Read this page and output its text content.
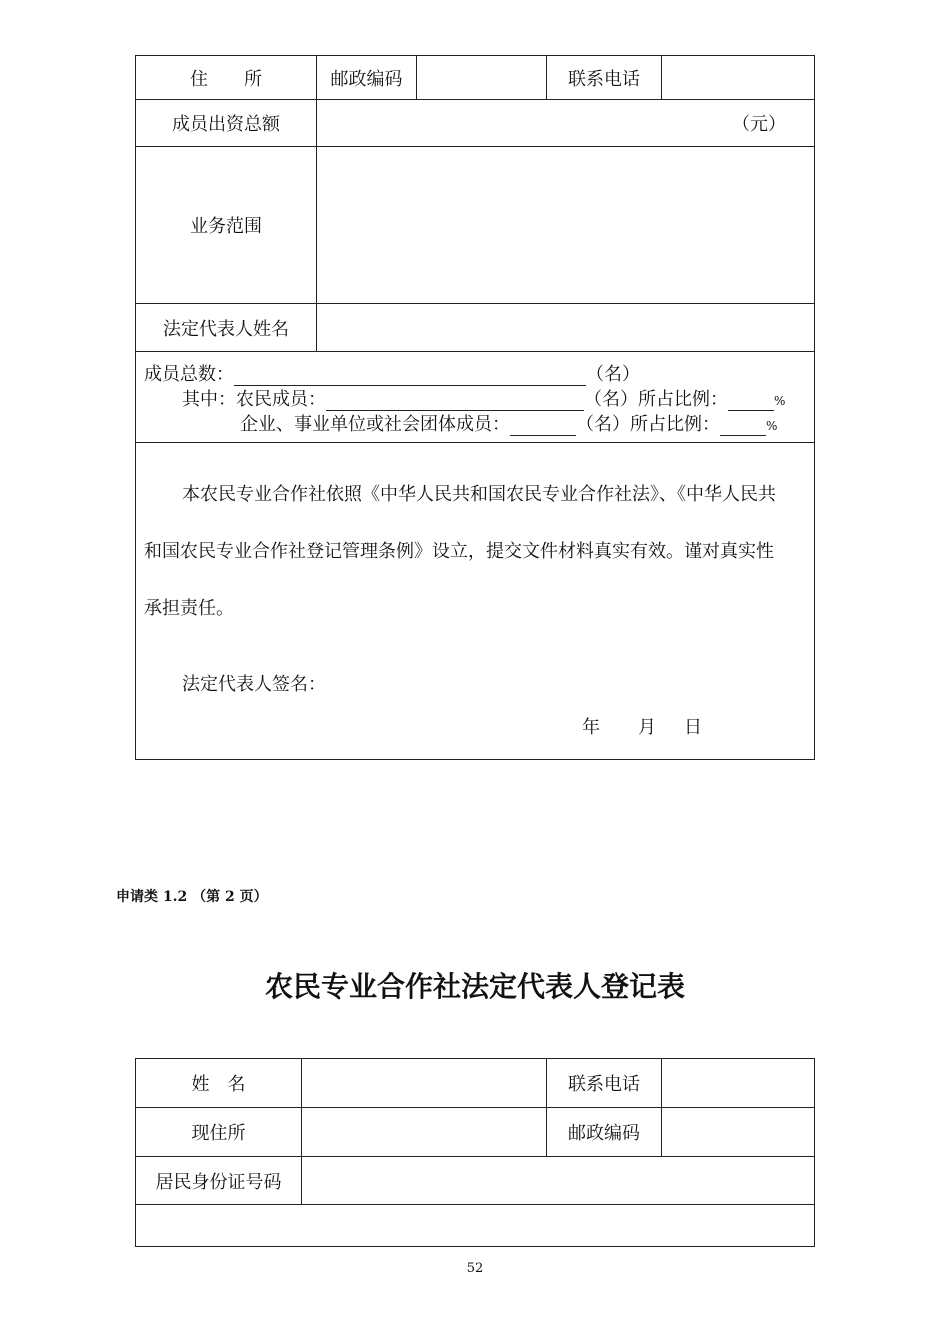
住　　所	邮政编码	联系电话
成员出资总额	（元）
业务范围
法定代表人姓名
成员总数：	（名）
其中：农民成员：	（名）所占比例：	%
企业、事业单位或社会团体成员：	（名）所占比例：	%
本农民专业合作社依照《中华人民共和国农民专业合作社法》、《中华人民共
和国农民专业合作社登记管理条例》设立，提交文件材料真实有效。谨对真实性
承担责任。
法定代表人签名：
年 月 日
申请类 1.2 （第 2 页）
农民专业合作社法定代表人登记表
姓　名	联系电话
现住所	邮政编码
居民身份证号码
52
